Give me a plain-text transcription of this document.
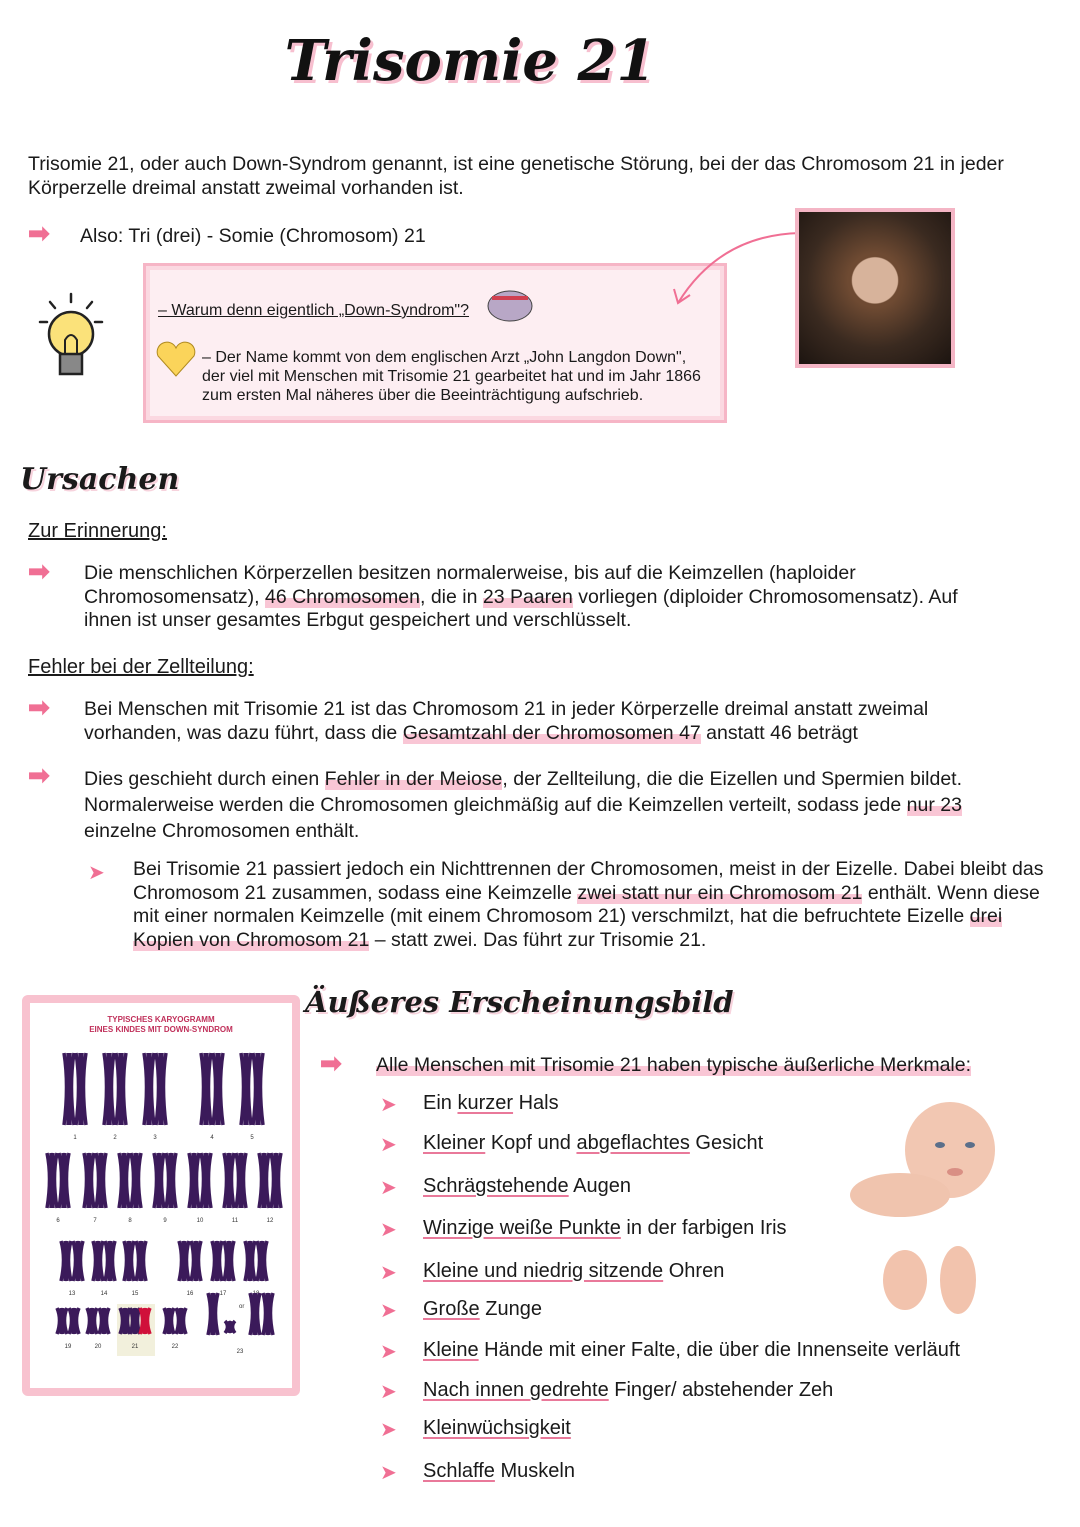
Trisomie 21
Trisomie 21, oder auch Down-Syndrom genannt, ist eine genetische Störung, bei der das Chromosom 21 in jeder Körperzelle dreimal anstatt zweimal vorhanden ist.
➡ Also: Tri (drei) - Somie (Chromosom) 21
– Warum denn eigentlich „Down-Syndrom"?
– Der Name kommt von dem englischen Arzt „John Langdon Down", der viel mit Menschen mit Trisomie 21 gearbeitet hat und im Jahr 1866 zum ersten Mal näheres über die Beeinträchtigung aufschrieb.
Ursachen
Zur Erinnerung:
➡ Die menschlichen Körperzellen besitzen normalerweise, bis auf die Keimzellen (haploider Chromosomensatz), 46 Chromosomen, die in 23 Paaren vorliegen (diploider Chromosomensatz). Auf ihnen ist unser gesamtes Erbgut gespeichert und verschlüsselt.
Fehler bei der Zellteilung:
➡ Bei Menschen mit Trisomie 21 ist das Chromosom 21 in jeder Körperzelle dreimal anstatt zweimal vorhanden, was dazu führt, dass die Gesamtzahl der Chromosomen 47 anstatt 46 beträgt
➡ Dies geschieht durch einen Fehler in der Meiose, der Zellteilung, die die Eizellen und Spermien bildet. Normalerweise werden die Chromosomen gleichmäßig auf die Keimzellen verteilt, sodass jede nur 23 einzelne Chromosomen enthält.
➤ Bei Trisomie 21 passiert jedoch ein Nichttrennen der Chromosomen, meist in der Eizelle. Dabei bleibt das Chromosom 21 zusammen, sodass eine Keimzelle zwei statt nur ein Chromosom 21 enthält. Wenn diese mit einer normalen Keimzelle (mit einem Chromosom 21) verschmilzt, hat die befruchtete Eizelle drei Kopien von Chromosom 21 – statt zwei. Das führt zur Trisomie 21.
TYPISCHES KARYOGRAMM
EINES KINDES MIT DOWN-SYNDROM
1	2	3	4	5
6	7	8	9	10	11	12
13	14	15	16	17	18
19	20	21	22
or
23
Äußeres Erscheinungsbild
➡ Alle Menschen mit Trisomie 21 haben typische äußerliche Merkmale:
➤ Ein kurzer Hals
➤ Kleiner Kopf und abgeflachtes Gesicht
➤ Schrägstehende Augen
➤ Winzige weiße Punkte in der farbigen Iris
➤ Kleine und niedrig sitzende Ohren
➤ Große Zunge
➤ Kleine Hände mit einer Falte, die über die Innenseite verläuft
➤ Nach innen gedrehte Finger/ abstehender Zeh
➤ Kleinwüchsigkeit
➤ Schlaffe Muskeln
